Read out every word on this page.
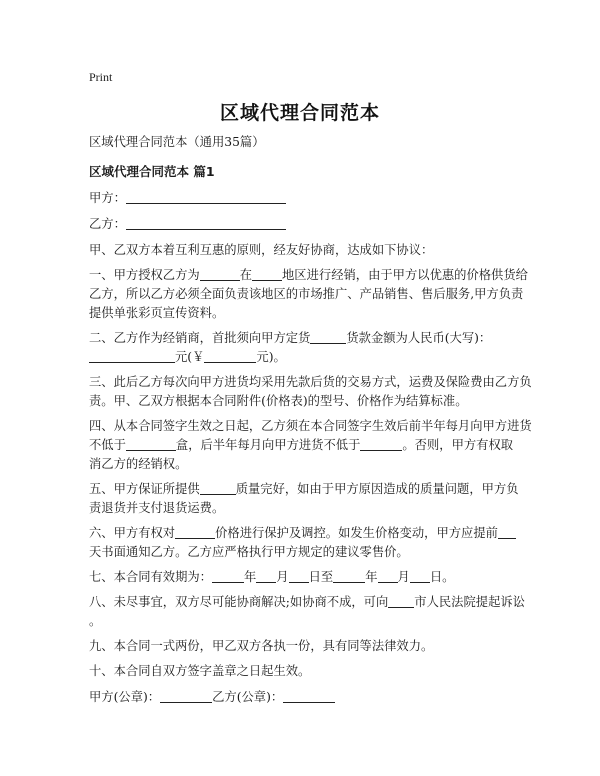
Print
区域代理合同范本
区域代理合同范本（通用35篇）
区域代理合同范本 篇1
甲方：
乙方：
甲、乙双方本着互利互惠的原则，经友好协商，达成如下协议：
一、甲方授权乙方为	在 地区进行经销，由于甲方以优惠的价格供货给
乙方，所以乙方必须全面负责该地区的市场推广、产品销售、售后服务,甲方负责
提供单张彩页宣传资料。
二、乙方作为经销商，首批须向甲方定货	货款金额为人民币(大写)：
元(￥	元)。
三、此后乙方每次向甲方进货均采用先款后货的交易方式，运费及保险费由乙方负
责。甲、乙双方根据本合同附件(价格表)的型号、价格作为结算标准。
四、从本合同签字生效之日起，乙方须在本合同签字生效后前半年每月向甲方进货
不低于	盒，后半年每月向甲方进货不低于	。否则，甲方有权取
消乙方的经销权。
五、甲方保证所提供	质量完好，如由于甲方原因造成的质量问题，甲方负
责退货并支付退货运费。
六、甲方有权对	价格进行保护及调控。如发生价格变动，甲方应提前
天书面通知乙方。乙方应严格执行甲方规定的建议零售价。
七、本合同有效期为：	年 月 日至	年 月 日。
八、未尽事宜，双方尽可能协商解决;如协商不成，可向 市人民法院提起诉讼
。
九、本合同一式两份，甲乙双方各执一份，具有同等法律效力。
十、本合同自双方签字盖章之日起生效。
甲方(公章)：	乙方(公章)：
